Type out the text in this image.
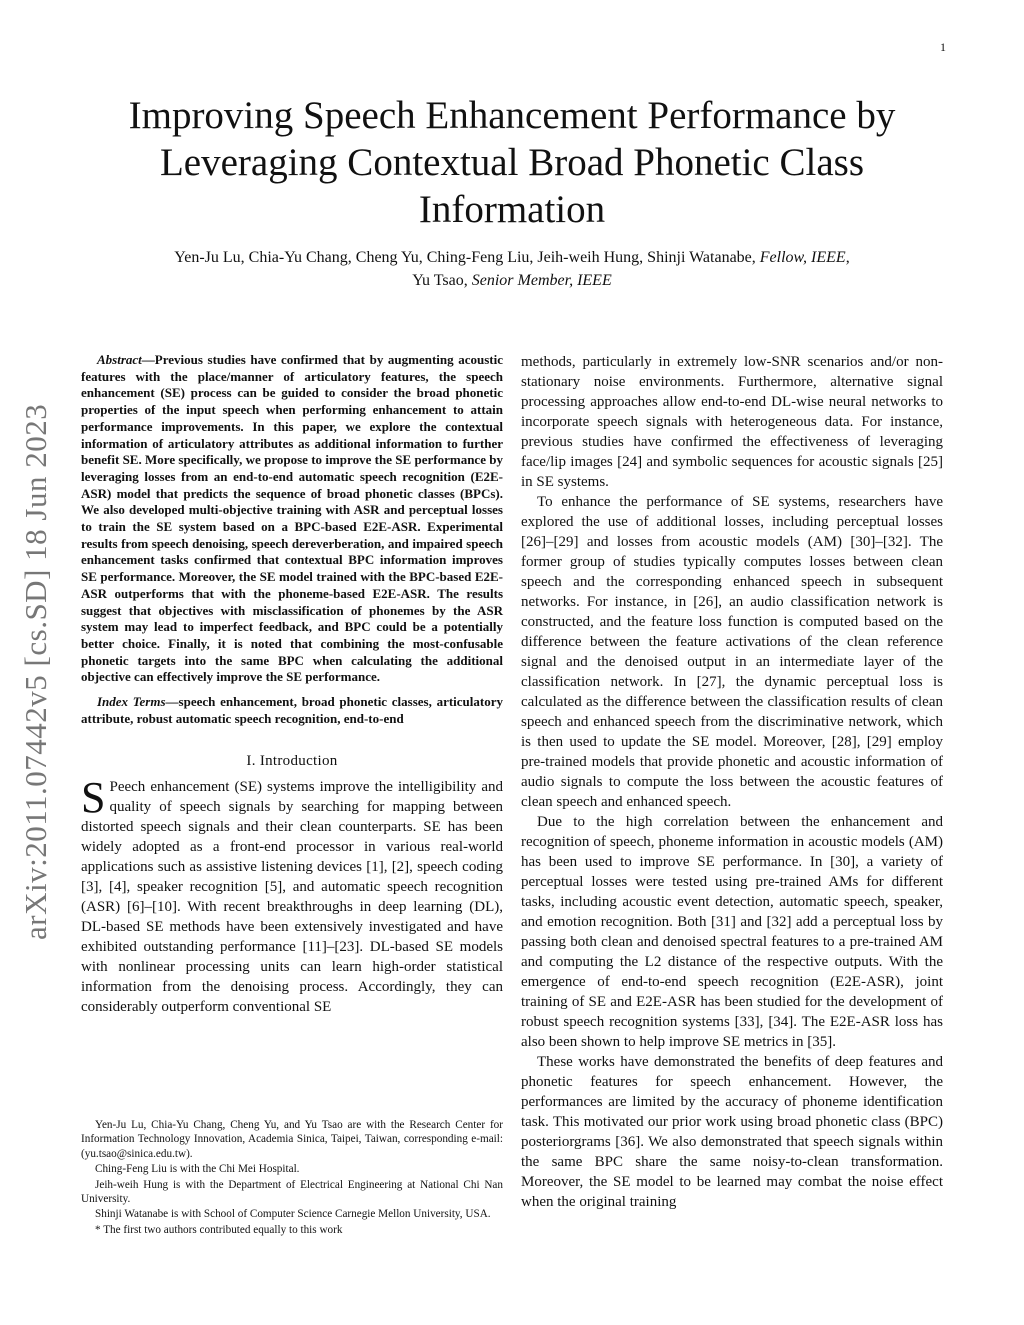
1
arXiv:2011.07442v5 [cs.SD] 18 Jun 2023
Improving Speech Enhancement Performance by Leveraging Contextual Broad Phonetic Class Information
Yen-Ju Lu, Chia-Yu Chang, Cheng Yu, Ching-Feng Liu, Jeih-weih Hung, Shinji Watanabe, Fellow, IEEE,
Yu Tsao, Senior Member, IEEE

Abstract—Previous studies have confirmed that by augmenting acoustic features with the place/manner of articulatory features, the speech enhancement (SE) process can be guided to consider the broad phonetic properties of the input speech when performing enhancement to attain performance improvements. In this paper, we explore the contextual information of articulatory attributes as additional information to further benefit SE. More specifically, we propose to improve the SE performance by leveraging losses from an end-to-end automatic speech recognition (E2E-ASR) model that predicts the sequence of broad phonetic classes (BPCs). We also developed multi-objective training with ASR and perceptual losses to train the SE system based on a BPC-based E2E-ASR. Experimental results from speech denoising, speech dereverberation, and impaired speech enhancement tasks confirmed that contextual BPC information improves SE performance. Moreover, the SE model trained with the BPC-based E2E-ASR outperforms that with the phoneme-based E2E-ASR. The results suggest that objectives with misclassification of phonemes by the ASR system may lead to imperfect feedback, and BPC could be a potentially better choice. Finally, it is noted that combining the most-confusable phonetic targets into the same BPC when calculating the additional objective can effectively improve the SE performance.

Index Terms—speech enhancement, broad phonetic classes, articulatory attribute, robust automatic speech recognition, end-to-end

I. Introduction

S Peech enhancement (SE) systems improve the intelligibility and quality of speech signals by searching for mapping between distorted speech signals and their clean counterparts. SE has been widely adopted as a front-end processor in various real-world applications such as assistive listening devices [1], [2], speech coding [3], [4], speaker recognition [5], and automatic speech recognition (ASR) [6]–[10]. With recent breakthroughs in deep learning (DL), DL-based SE methods have been extensively investigated and have exhibited outstanding performance [11]–[23]. DL-based SE models with nonlinear processing units can learn high-order statistical information from the denoising process. Accordingly, they can considerably outperform conventional SE

Yen-Ju Lu, Chia-Yu Chang, Cheng Yu, and Yu Tsao are with the Research Center for Information Technology Innovation, Academia Sinica, Taipei, Taiwan, corresponding e-mail: (yu.tsao@sinica.edu.tw).

Ching-Feng Liu is with the Chi Mei Hospital.

Jeih-weih Hung is with the Department of Electrical Engineering at National Chi Nan University.

Shinji Watanabe is with School of Computer Science Carnegie Mellon University, USA.

* The first two authors contributed equally to this work

methods, particularly in extremely low-SNR scenarios and/or non-stationary noise environments. Furthermore, alternative signal processing approaches allow end-to-end DL-wise neural networks to incorporate speech signals with heterogeneous data. For instance, previous studies have confirmed the effectiveness of leveraging face/lip images [24] and symbolic sequences for acoustic signals [25] in SE systems.

To enhance the performance of SE systems, researchers have explored the use of additional losses, including perceptual losses [26]–[29] and losses from acoustic models (AM) [30]–[32]. The former group of studies typically computes losses between clean speech and the corresponding enhanced speech in subsequent networks. For instance, in [26], an audio classification network is constructed, and the feature loss function is computed based on the difference between the feature activations of the clean reference signal and the denoised output in an intermediate layer of the classification network. In [27], the dynamic perceptual loss is calculated as the difference between the classification results of clean speech and enhanced speech from the discriminative network, which is then used to update the SE model. Moreover, [28], [29] employ pre-trained models that provide phonetic and acoustic information of audio signals to compute the loss between the acoustic features of clean speech and enhanced speech.

Due to the high correlation between the enhancement and recognition of speech, phoneme information in acoustic models (AM) has been used to improve SE performance. In [30], a variety of perceptual losses were tested using pre-trained AMs for different tasks, including acoustic event detection, automatic speech, speaker, and emotion recognition. Both [31] and [32] add a perceptual loss by passing both clean and denoised spectral features to a pre-trained AM and computing the L2 distance of the respective outputs. With the emergence of end-to-end speech recognition (E2E-ASR), joint training of SE and E2E-ASR has been studied for the development of robust speech recognition systems [33], [34]. The E2E-ASR loss has also been shown to help improve SE metrics in [35].

These works have demonstrated the benefits of deep features and phonetic features for speech enhancement. However, the performances are limited by the accuracy of phoneme identification task. This motivated our prior work using broad phonetic class (BPC) posteriorgrams [36]. We also demonstrated that speech signals within the same BPC share the same noisy-to-clean transformation. Moreover, the SE model to be learned may combat the noise effect when the original training
